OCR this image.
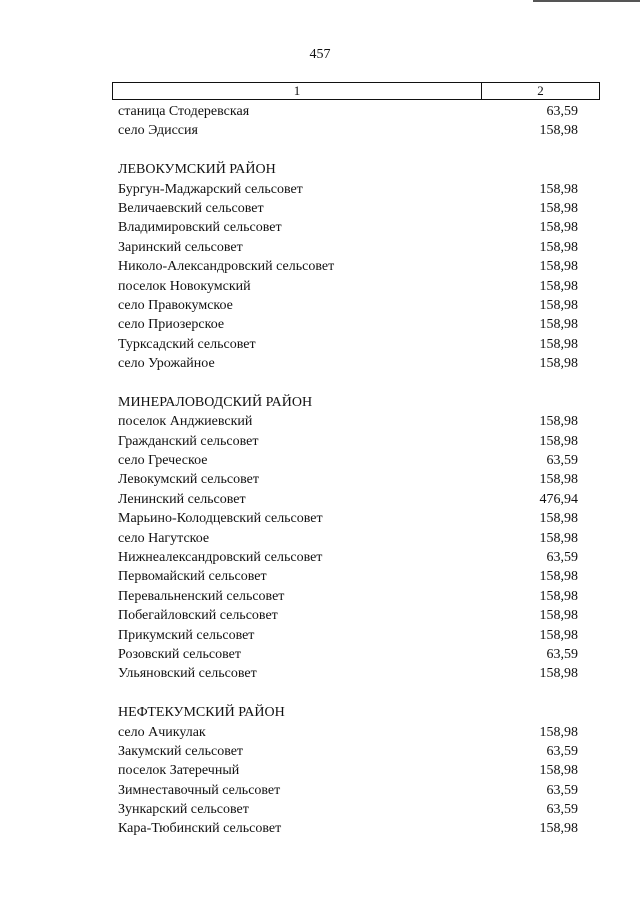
457
1	2
станица Стодеревская	63,59
село Эдиссия	158,98
ЛЕВОКУМСКИЙ РАЙОН
Бургун-Маджарский сельсовет	158,98
Величаевский сельсовет	158,98
Владимировский сельсовет	158,98
Заринский сельсовет	158,98
Николо-Александровский сельсовет	158,98
поселок Новокумский	158,98
село Правокумское	158,98
село Приозерское	158,98
Турксадский сельсовет	158,98
село Урожайное	158,98
МИНЕРАЛОВОДСКИЙ РАЙОН
поселок Анджиевский	158,98
Гражданский сельсовет	158,98
село Греческое	63,59
Левокумский сельсовет	158,98
Ленинский сельсовет	476,94
Марьино-Колодцевский сельсовет	158,98
село Нагутское	158,98
Нижнеалександровский сельсовет	63,59
Первомайский сельсовет	158,98
Перевальненский сельсовет	158,98
Побегайловский сельсовет	158,98
Прикумский сельсовет	158,98
Розовский сельсовет	63,59
Ульяновский сельсовет	158,98
НЕФТЕКУМСКИЙ РАЙОН
село Ачикулак	158,98
Закумский сельсовет	63,59
поселок Затеречный	158,98
Зимнеставочный сельсовет	63,59
Зункарский сельсовет	63,59
Кара-Тюбинский сельсовет	158,98
